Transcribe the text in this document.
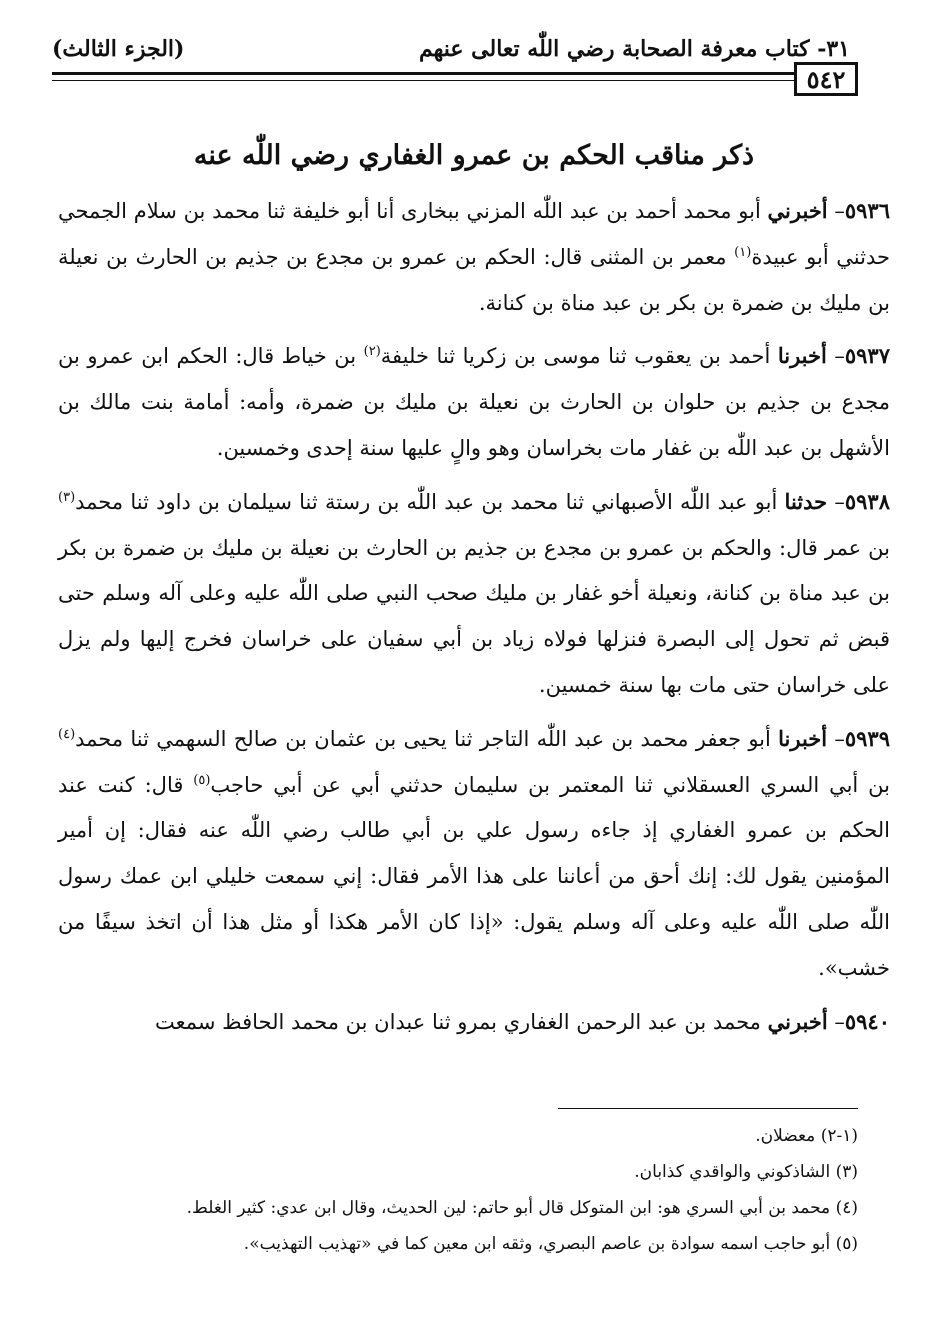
٣١- كتاب معرفة الصحابة رضي اللّٰه تعالى عنهم
(الجزء الثالث)
٥٤٢
ذكر مناقب الحكم بن عمرو الغفاري رضي اللّٰه عنه

٥٩٣٦– أخبرني أبو محمد أحمد بن عبد اللّٰه المزني ببخارى أنا أبو خليفة ثنا محمد بن سلام الجمحي حدثني أبو عبيدة$^{(١)}$ معمر بن المثنى قال: الحكم بن عمرو بن مجدع بن جذيم بن الحارث بن نعيلة بن مليك بن ضمرة بن بكر بن عبد مناة بن كنانة.

٥٩٣٧– أخبرنا أحمد بن يعقوب ثنا موسى بن زكريا ثنا خليفة$^{(٢)}$ بن خياط قال: الحكم ابن عمرو بن مجدع بن جذيم بن حلوان بن الحارث بن نعيلة بن مليك بن ضمرة، وأمه: أمامة بنت مالك بن الأشهل بن عبد اللّٰه بن غفار مات بخراسان وهو والٍ عليها سنة إحدى وخمسين.

٥٩٣٨– حدثنا أبو عبد اللّٰه الأصبهاني ثنا محمد بن عبد اللّٰه بن رستة ثنا سيلمان بن داود ثنا محمد$^{(٣)}$ بن عمر قال: والحكم بن عمرو بن مجدع بن جذيم بن الحارث بن نعيلة بن مليك بن ضمرة بن بكر بن عبد مناة بن كنانة، ونعيلة أخو غفار بن مليك صحب النبي صلى اللّٰه عليه وعلى آله وسلم حتى قبض ثم تحول إلى البصرة فنزلها فولاه زياد بن أبي سفيان على خراسان فخرج إليها ولم يزل على خراسان حتى مات بها سنة خمسين.

٥٩٣٩– أخبرنا أبو جعفر محمد بن عبد اللّٰه التاجر ثنا يحيى بن عثمان بن صالح السهمي ثنا محمد$^{(٤)}$ بن أبي السري العسقلاني ثنا المعتمر بن سليمان حدثني أبي عن أبي حاجب$^{(٥)}$ قال: كنت عند الحكم بن عمرو الغفاري إذ جاءه رسول علي بن أبي طالب رضي اللّٰه عنه فقال: إن أمير المؤمنين يقول لك: إنك أحق من أعاننا على هذا الأمر فقال: إني سمعت خليلي ابن عمك رسول اللّٰه صلى اللّٰه عليه وعلى آله وسلم يقول: «إذا كان الأمر هكذا أو مثل هذا أن اتخذ سيفًا من خشب».

٥٩٤٠– أخبرني محمد بن عبد الرحمن الغفاري بمرو ثنا عبدان بن محمد الحافظ سمعت

(١-٢) معضلان.
(٣) الشاذكوني والواقدي كذابان.
(٤) محمد بن أبي السري هو: ابن المتوكل قال أبو حاتم: لين الحديث، وقال ابن عدي: كثير الغلط.
(٥) أبو حاجب اسمه سوادة بن عاصم البصري، وثقه ابن معين كما في «تهذيب التهذيب».
